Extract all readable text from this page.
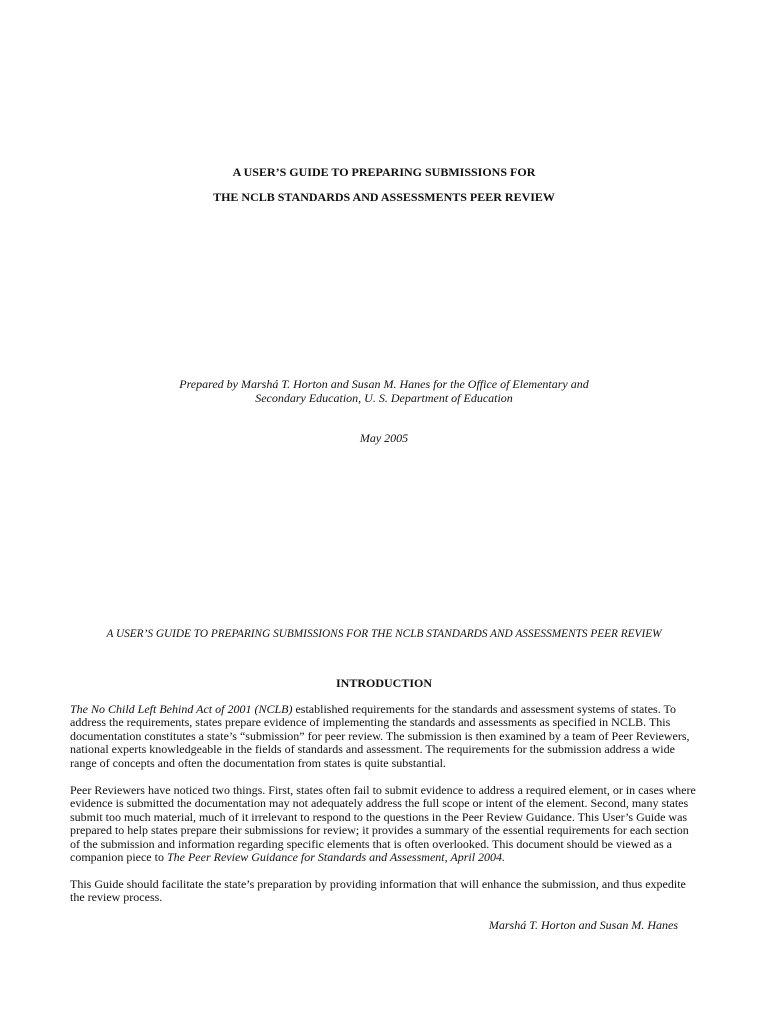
A USER’S GUIDE TO PREPARING SUBMISSIONS FOR
THE NCLB STANDARDS AND ASSESSMENTS PEER REVIEW
Prepared by Marshá T. Horton and Susan M. Hanes for the Office of Elementary and
Secondary Education, U. S. Department of Education
May 2005
A USER’S GUIDE TO PREPARING SUBMISSIONS FOR THE NCLB STANDARDS AND ASSESSMENTS PEER REVIEW
INTRODUCTION
The No Child Left Behind Act of 2001 (NCLB) established requirements for the standards and assessment systems of states. To address the requirements, states prepare evidence of implementing the standards and assessments as specified in NCLB. This documentation constitutes a state’s “submission” for peer review. The submission is then examined by a team of Peer Reviewers, national experts knowledgeable in the fields of standards and assessment. The requirements for the submission address a wide range of concepts and often the documentation from states is quite substantial.
Peer Reviewers have noticed two things. First, states often fail to submit evidence to address a required element, or in cases where evidence is submitted the documentation may not adequately address the full scope or intent of the element. Second, many states submit too much material, much of it irrelevant to respond to the questions in the Peer Review Guidance. This User’s Guide was prepared to help states prepare their submissions for review; it provides a summary of the essential requirements for each section of the submission and information regarding specific elements that is often overlooked. This document should be viewed as a companion piece to The Peer Review Guidance for Standards and Assessment, April 2004.
This Guide should facilitate the state’s preparation by providing information that will enhance the submission, and thus expedite the review process.
Marshá T. Horton and Susan M. Hanes
